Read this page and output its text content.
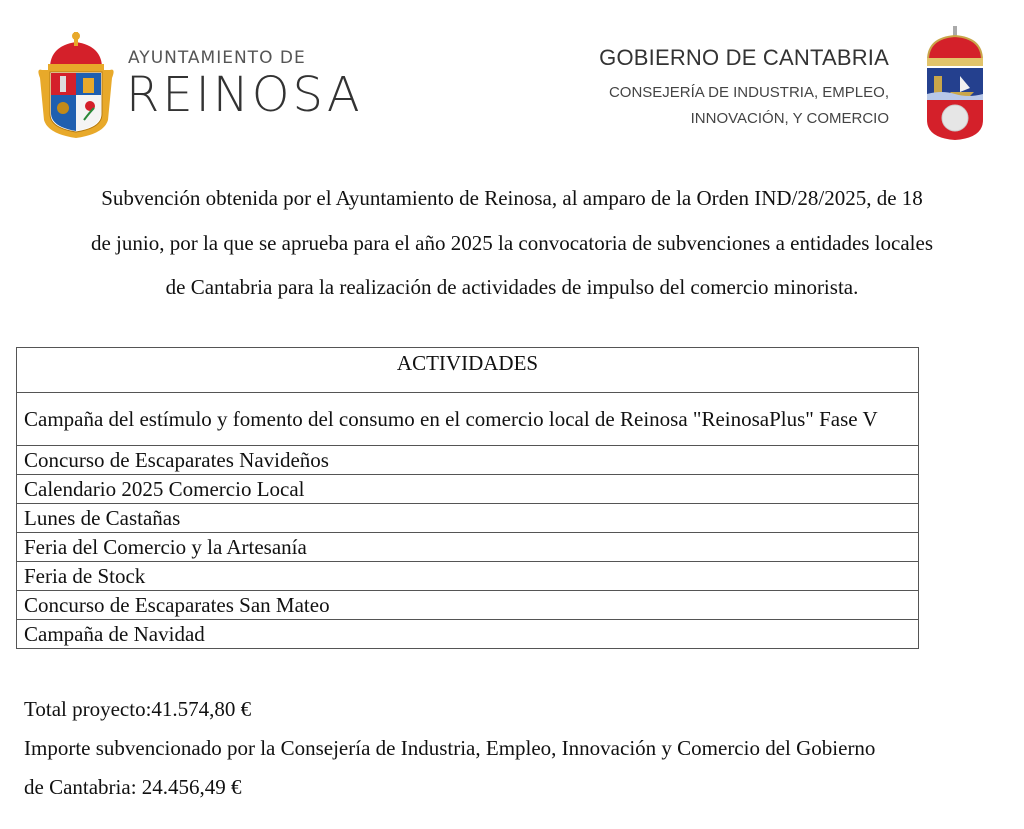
AYUNTAMIENTO DE
REINOSA
GOBIERNO DE CANTABRIA
CONSEJERÍA DE INDUSTRIA, EMPLEO,
INNOVACIÓN, Y COMERCIO
Subvención obtenida por el Ayuntamiento de Reinosa, al amparo de la Orden IND/28/2025, de 18
de junio, por la que se aprueba para el año 2025 la convocatoria de subvenciones a entidades locales
de Cantabria para la realización de actividades de impulso del comercio minorista.
ACTIVIDADES
Campaña del estímulo y fomento del consumo en el comercio local de Reinosa "ReinosaPlus" Fase V
Concurso de Escaparates Navideños
Calendario 2025 Comercio Local
Lunes de Castañas
Feria del Comercio y la Artesanía
Feria de Stock
Concurso de Escaparates San Mateo
Campaña de Navidad
Total proyecto:41.574,80 €
Importe subvencionado por la Consejería de Industria, Empleo, Innovación y Comercio del Gobierno
de Cantabria: 24.456,49 €
